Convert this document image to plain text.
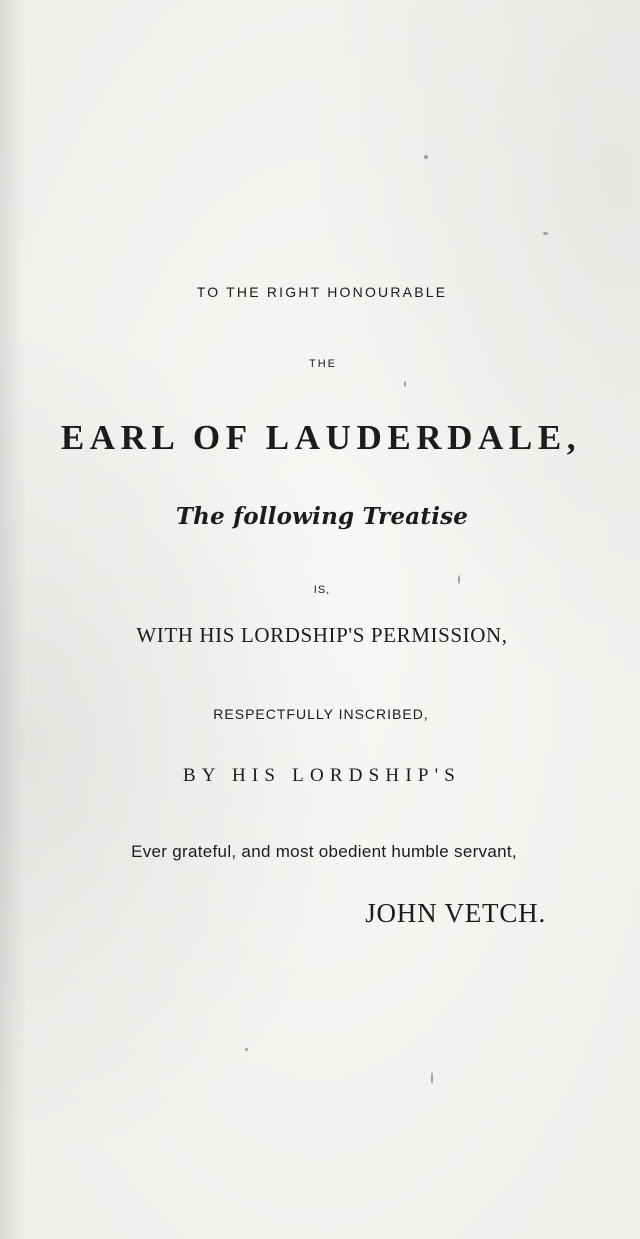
TO THE RIGHT HONOURABLE

THE

EARL OF LAUDERDALE,

The following Treatise

IS,

WITH HIS LORDSHIP'S PERMISSION,

RESPECTFULLY INSCRIBED,

BY HIS LORDSHIP'S

Ever grateful, and most obedient humble servant,

JOHN VETCH.
